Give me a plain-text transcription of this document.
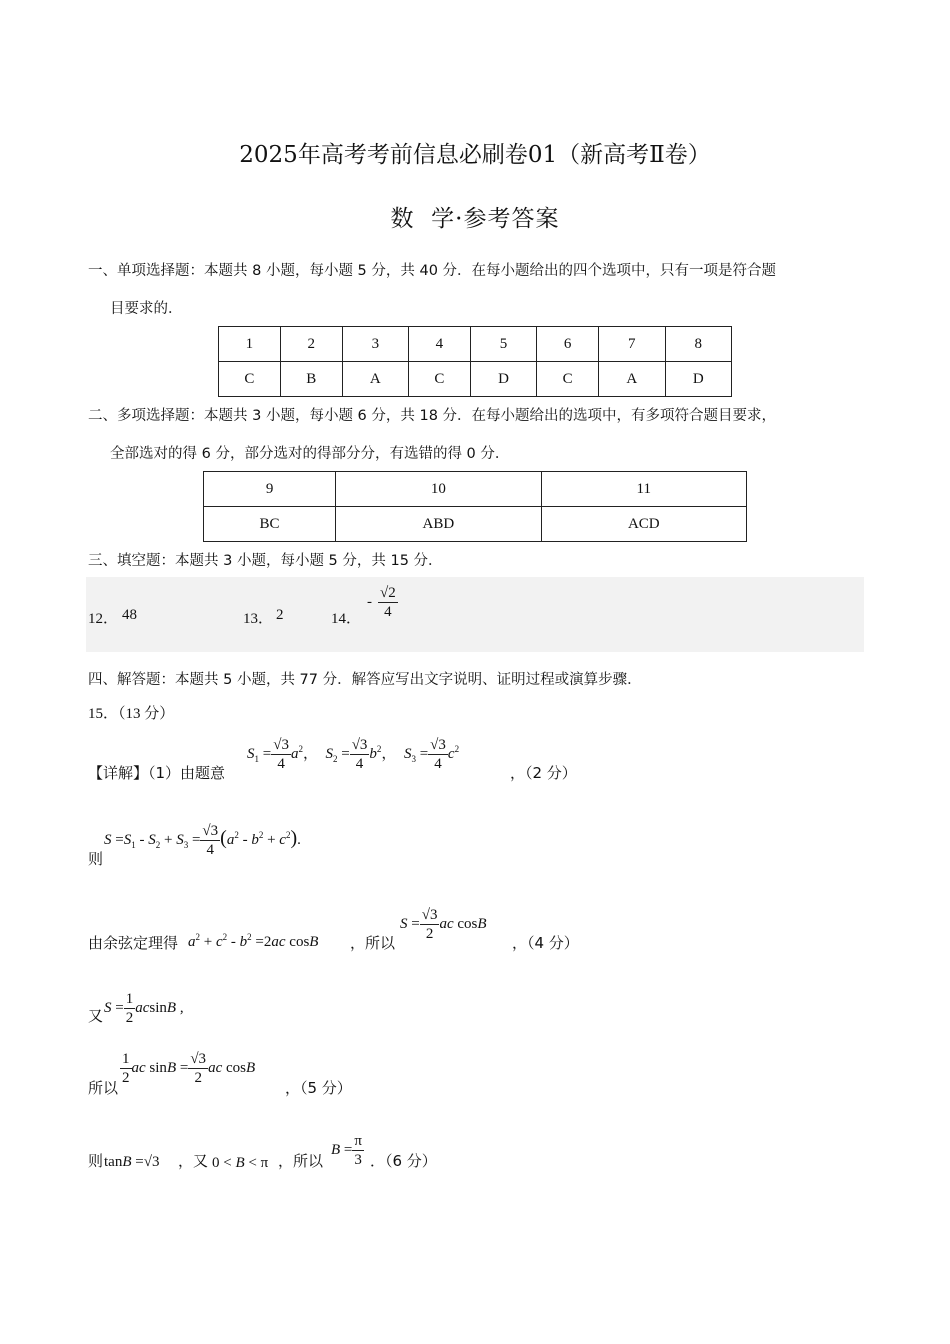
2025年高考考前信息必刷卷01（新高考Ⅱ卷）
数  学·参考答案
一、单项选择题：本题共 8 小题，每小题 5 分，共 40 分．在每小题给出的四个选项中，只有一项是符合题
目要求的．
1	2	3	4	5	6	7	8
C	B	A	C	D	C	A	D
二、多项选择题：本题共 3 小题，每小题 6 分，共 18 分．在每小题给出的选项中，有多项符合题目要求，
全部选对的得 6 分，部分选对的得部分分，有选错的得 0 分．
9	10	11
BC	ABD	ACD
三、填空题：本题共 3 小题，每小题 5 分，共 15 分．
12． 48	13． 2	14．
- $\frac{√2}{4}$
四、解答题：本题共 5 小题，共 77 分．解答应写出文字说明、证明过程或演算步骤．
15．（13 分）
【详解】（1）由题意
$S_1 = \frac{√3}{4} a^2$，  $S_2 = \frac{√3}{4} b^2$，  $S_3 = \frac{√3}{4} c^2$
，（2 分）
则
$S =S_1 - S_2 + S_3 = \frac{√3}{4} (a^2 - b^2 + c^2)$.
由余弦定理得 $a^2 + c^2 - b^2 =2ac$ cosB ，所以
$S = \frac{√3}{2}$ ac cosB
，（4 分）
又 $S = \frac{1}{2}$ acsinB ,
所以
$\frac{1}{2}$ ac $\sin B = \frac{√3}{2}$ ac cosB
，（5 分）
则 tanB =√3 ，又 0 < B < π ，所以
$B = \frac{\pi}{3}$ ．（6 分）
